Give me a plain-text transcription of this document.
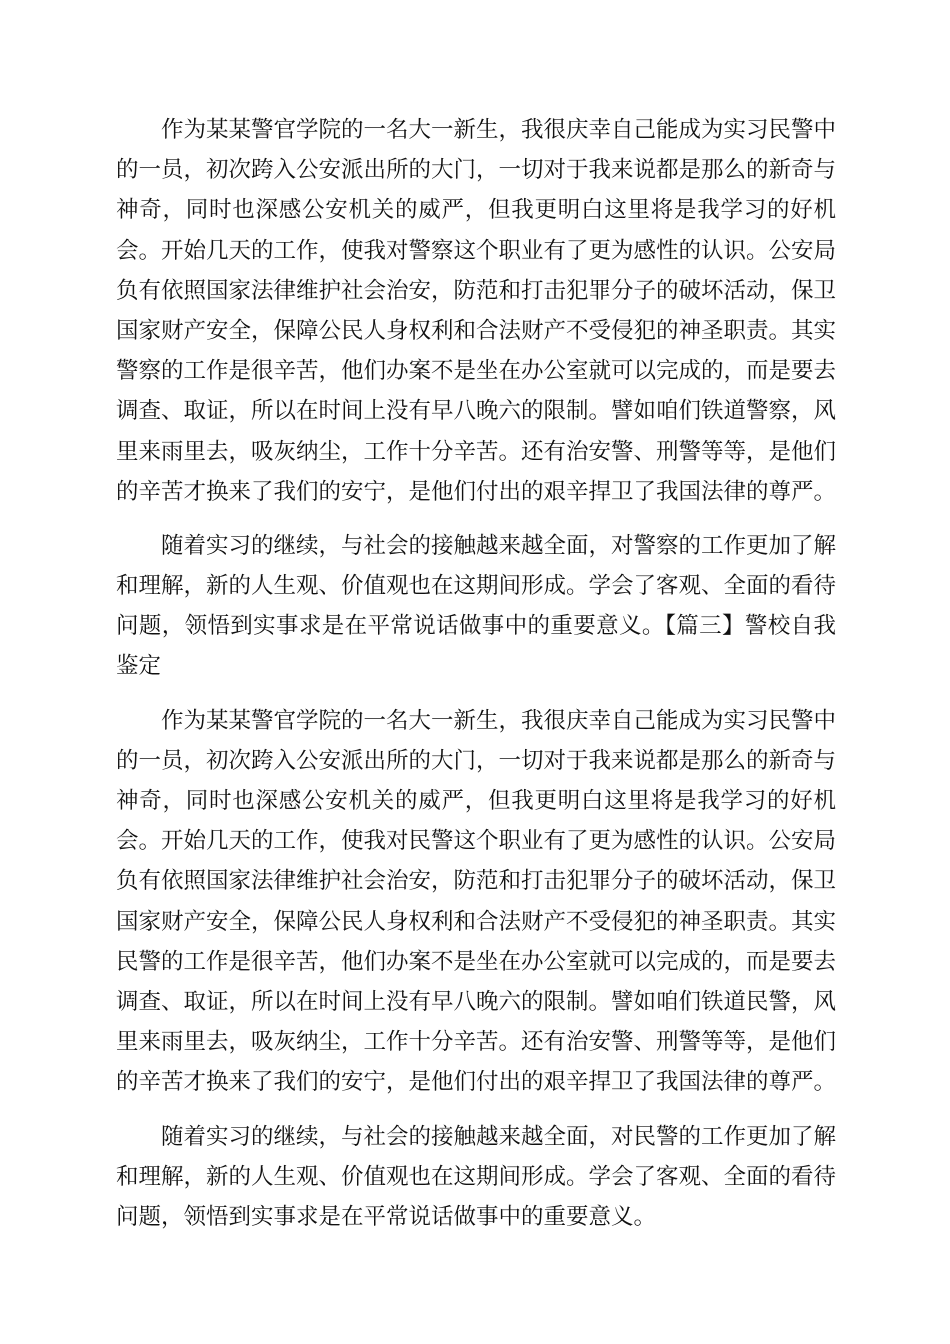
作为某某警官学院的一名大一新生，我很庆幸自己能成为实习民警中
的一员，初次跨入公安派出所的大门，一切对于我来说都是那么的新奇与
神奇，同时也深感公安机关的威严，但我更明白这里将是我学习的好机
会。开始几天的工作，使我对警察这个职业有了更为感性的认识。公安局
负有依照国家法律维护社会治安，防范和打击犯罪分子的破坏活动，保卫
国家财产安全，保障公民人身权利和合法财产不受侵犯的神圣职责。其实
警察的工作是很辛苦，他们办案不是坐在办公室就可以完成的，而是要去
调查、取证，所以在时间上没有早八晚六的限制。譬如咱们铁道警察，风
里来雨里去，吸灰纳尘，工作十分辛苦。还有治安警、刑警等等，是他们
的辛苦才换来了我们的安宁，是他们付出的艰辛捍卫了我国法律的尊严。

随着实习的继续，与社会的接触越来越全面，对警察的工作更加了解
和理解，新的人生观、价值观也在这期间形成。学会了客观、全面的看待
问题，领悟到实事求是在平常说话做事中的重要意义。【篇三】警校自我
鉴定

作为某某警官学院的一名大一新生，我很庆幸自己能成为实习民警中
的一员，初次跨入公安派出所的大门，一切对于我来说都是那么的新奇与
神奇，同时也深感公安机关的威严，但我更明白这里将是我学习的好机
会。开始几天的工作，使我对民警这个职业有了更为感性的认识。公安局
负有依照国家法律维护社会治安，防范和打击犯罪分子的破坏活动，保卫
国家财产安全，保障公民人身权利和合法财产不受侵犯的神圣职责。其实
民警的工作是很辛苦，他们办案不是坐在办公室就可以完成的，而是要去
调查、取证，所以在时间上没有早八晚六的限制。譬如咱们铁道民警，风
里来雨里去，吸灰纳尘，工作十分辛苦。还有治安警、刑警等等，是他们
的辛苦才换来了我们的安宁，是他们付出的艰辛捍卫了我国法律的尊严。

随着实习的继续，与社会的接触越来越全面，对民警的工作更加了解
和理解，新的人生观、价值观也在这期间形成。学会了客观、全面的看待
问题，领悟到实事求是在平常说话做事中的重要意义。
